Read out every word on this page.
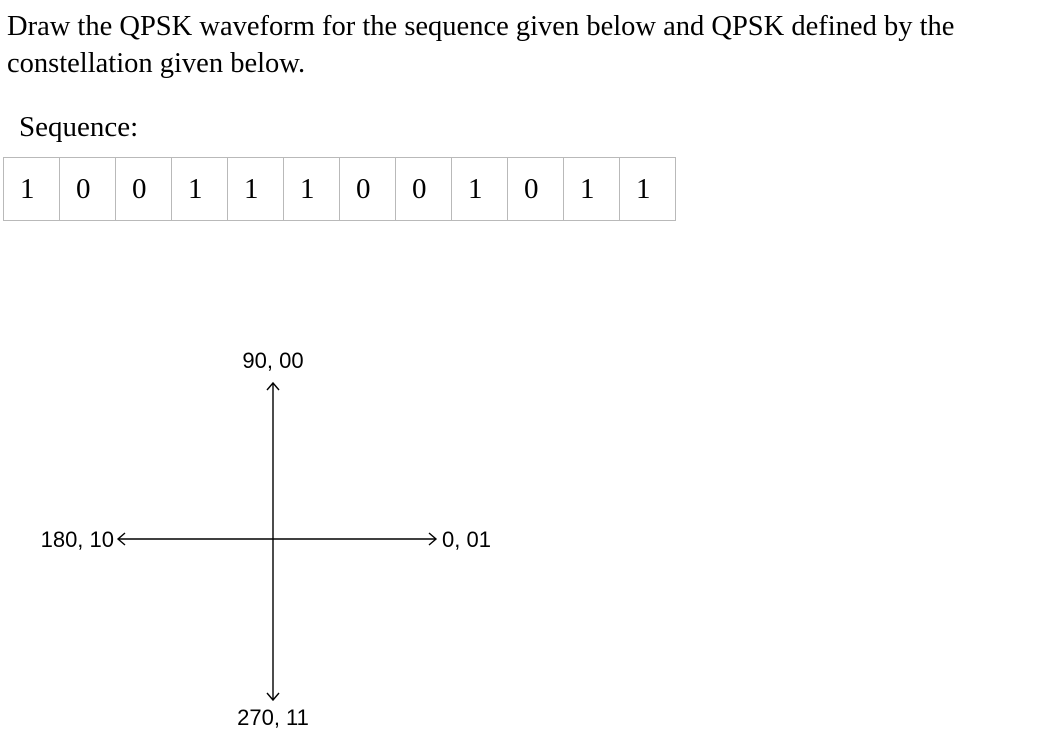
Draw the QPSK waveform for the sequence given below and QPSK defined by the constellation given below.

Sequence:
1	0	0	1	1	1	0	0	1	0	1	1
90, 00
0, 01
180, 10
270, 11
